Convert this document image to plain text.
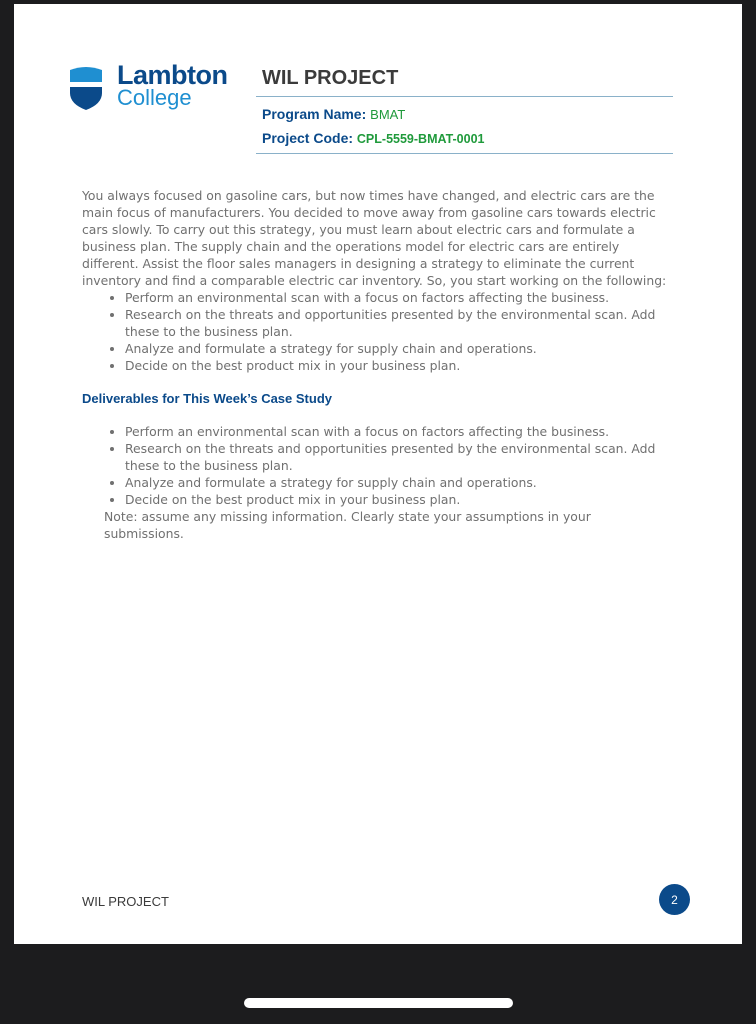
Lambton
College
WIL PROJECT

Program Name: BMAT

Project Code: CPL-5559-BMAT-0001

You always focused on gasoline cars, but now times have changed, and electric cars are the main focus of manufacturers. You decided to move away from gasoline cars towards electric cars slowly. To carry out this strategy, you must learn about electric cars and formulate a business plan. The supply chain and the operations model for electric cars are entirely different. Assist the floor sales managers in designing a strategy to eliminate the current inventory and find a comparable electric car inventory. So, you start working on the following:

• Perform an environmental scan with a focus on factors affecting the business.
• Research on the threats and opportunities presented by the environmental scan. Add these to the business plan.
• Analyze and formulate a strategy for supply chain and operations.
• Decide on the best product mix in your business plan.

Deliverables for This Week’s Case Study

• Perform an environmental scan with a focus on factors affecting the business.
• Research on the threats and opportunities presented by the environmental scan. Add these to the business plan.
• Analyze and formulate a strategy for supply chain and operations.
• Decide on the best product mix in your business plan.

Note: assume any missing information. Clearly state your assumptions in your submissions.

WIL PROJECT	2
